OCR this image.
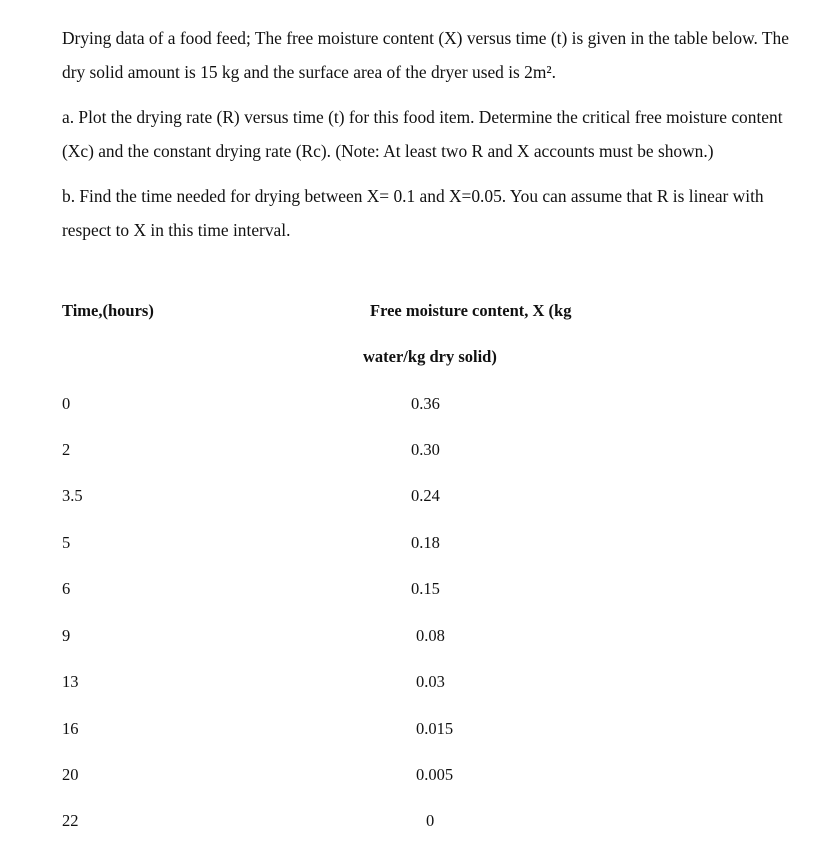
Drying data of a food feed; The free moisture content (X) versus time (t) is given in the table below. The dry solid amount is 15 kg and the surface area of the dryer used is 2m².

a. Plot the drying rate (R) versus time (t) for this food item. Determine the critical free moisture content (Xc) and the constant drying rate (Rc). (Note: At least two R and X accounts must be shown.)

b. Find the time needed for drying between X= 0.1 and X=0.05. You can assume that R is linear with respect to X in this time interval.

Time,(hours)	Free moisture content, X (kg
water/kg dry solid)
0	0.36
2	0.30
3.5	0.24
5	0.18
6	0.15
9	0.08
13	0.03
16	0.015
20	0.005
22	0
